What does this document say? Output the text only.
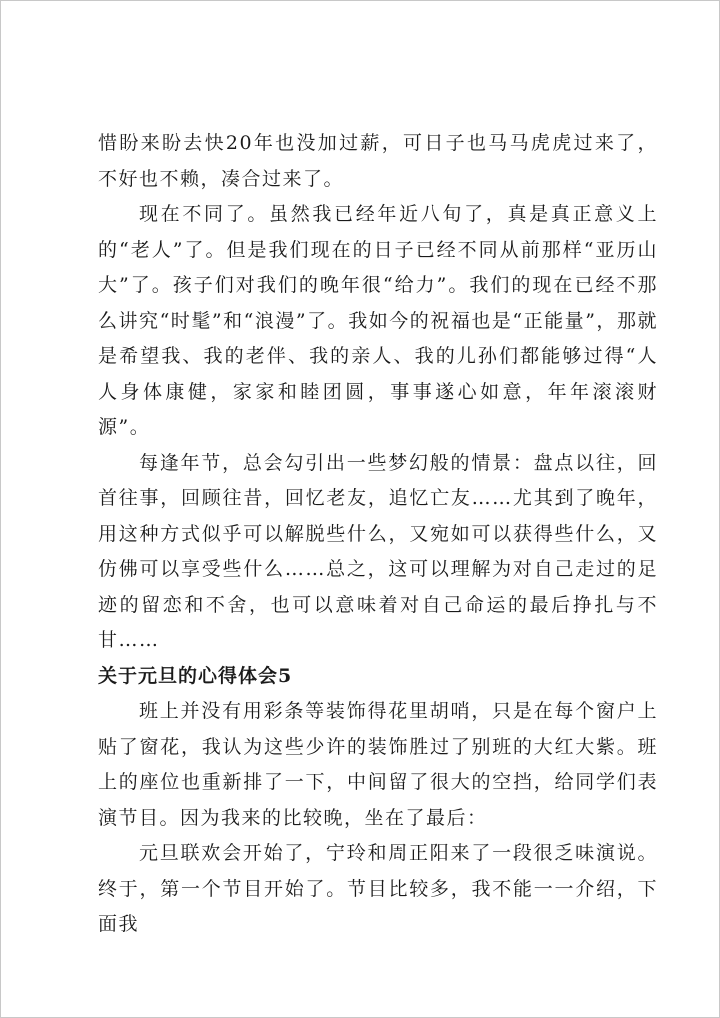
惜盼来盼去快20年也没加过薪，可日子也马马虎虎过来了，不好也不赖，凑合过来了。

现在不同了。虽然我已经年近八旬了，真是真正意义上的“老人”了。但是我们现在的日子已经不同从前那样“亚历山大”了。孩子们对我们的晚年很“给力”。我们的现在已经不那么讲究“时髦”和“浪漫”了。我如今的祝福也是“正能量”，那就是希望我、我的老伴、我的亲人、我的儿孙们都能够过得“人人身体康健，家家和睦团圆，事事遂心如意，年年滚滚财源”。

每逢年节，总会勾引出一些梦幻般的情景：盘点以往，回首往事，回顾往昔，回忆老友，追忆亡友……尤其到了晚年，用这种方式似乎可以解脱些什么，又宛如可以获得些什么，又仿佛可以享受些什么……总之，这可以理解为对自己走过的足迹的留恋和不舍，也可以意味着对自己命运的最后挣扎与不甘……

关于元旦的心得体会5

班上并没有用彩条等装饰得花里胡哨，只是在每个窗户上贴了窗花，我认为这些少许的装饰胜过了别班的大红大紫。班上的座位也重新排了一下，中间留了很大的空挡，给同学们表演节目。因为我来的比较晚，坐在了最后：

元旦联欢会开始了，宁玲和周正阳来了一段很乏味演说。终于，第一个节目开始了。节目比较多，我不能一一介绍，下面我
